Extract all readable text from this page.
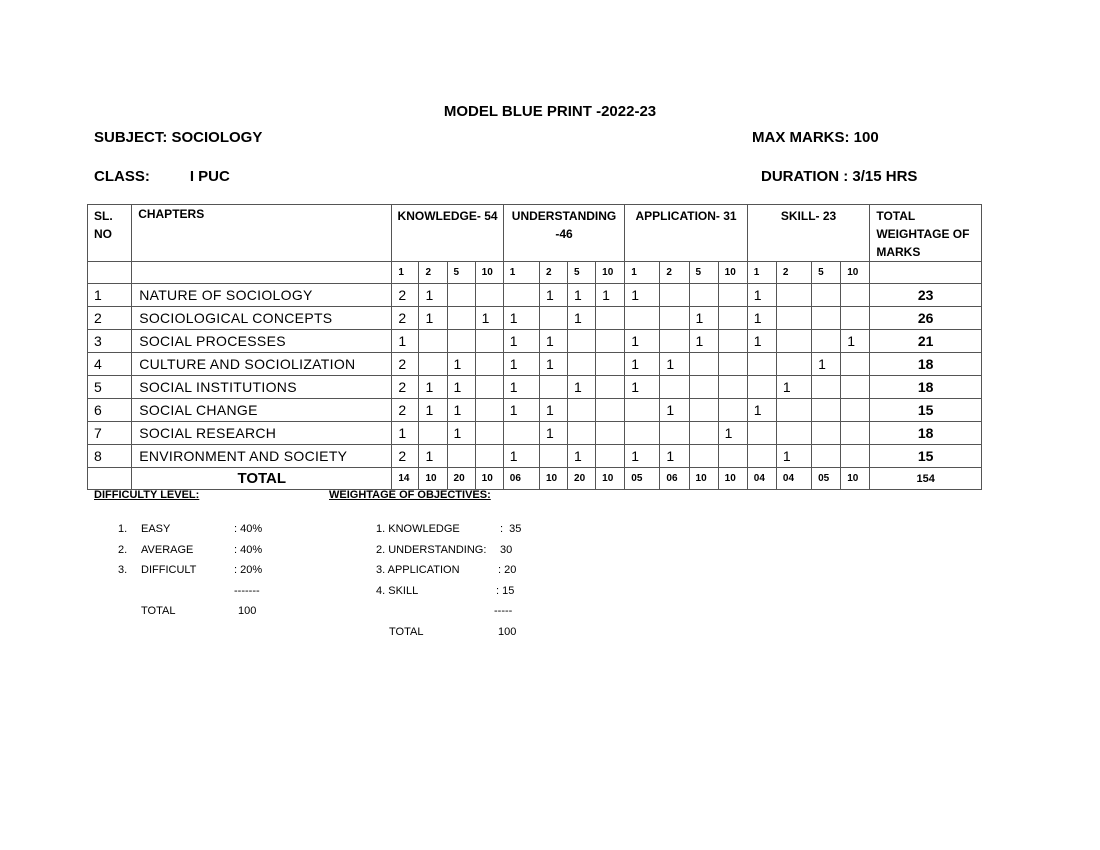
MODEL BLUE PRINT -2022-23
SUBJECT: SOCIOLOGY	MAX MARKS: 100
CLASS:	I PUC	DURATION : 3/15 HRS
SL. NO	CHAPTERS	KNOWLEDGE- 54				UNDERSTANDING -46				APPLICATION- 31				SKILL- 23				TOTAL WEIGHTAGE OF MARKS
		1	2	5	10	1	2	5	10	1	2	5	10	1	2	5	10	
1	NATURE OF SOCIOLOGY	2	1				1	1	1	1				1				23
2	SOCIOLOGICAL CONCEPTS	2	1		1	1		1				1		1				26
3	SOCIAL PROCESSES	1				1	1			1		1		1			1	21
4	CULTURE AND SOCIOLIZATION	2		1		1	1			1	1					1		18
5	SOCIAL INSTITUTIONS	2	1	1		1		1		1					1			18
6	SOCIAL CHANGE	2	1	1		1	1				1			1				15
7	SOCIAL RESEARCH	1		1			1						1					18
8	ENVIRONMENT AND SOCIETY	2	1			1		1		1	1				1			15
	TOTAL	14	10	20	10	06	10	20	10	05	06	10	10	04	04	05	10	154
DIFFICULTY LEVEL:	WEIGHTAGE OF OBJECTIVES:
1. EASY	: 40%
2. AVERAGE	: 40%
3. DIFFICULT	: 20%
-------
TOTAL	100
1. KNOWLEDGE	:  35
2. UNDERSTANDING: 30
3. APPLICATION	: 20
4. SKILL	: 15
-----
TOTAL	100
